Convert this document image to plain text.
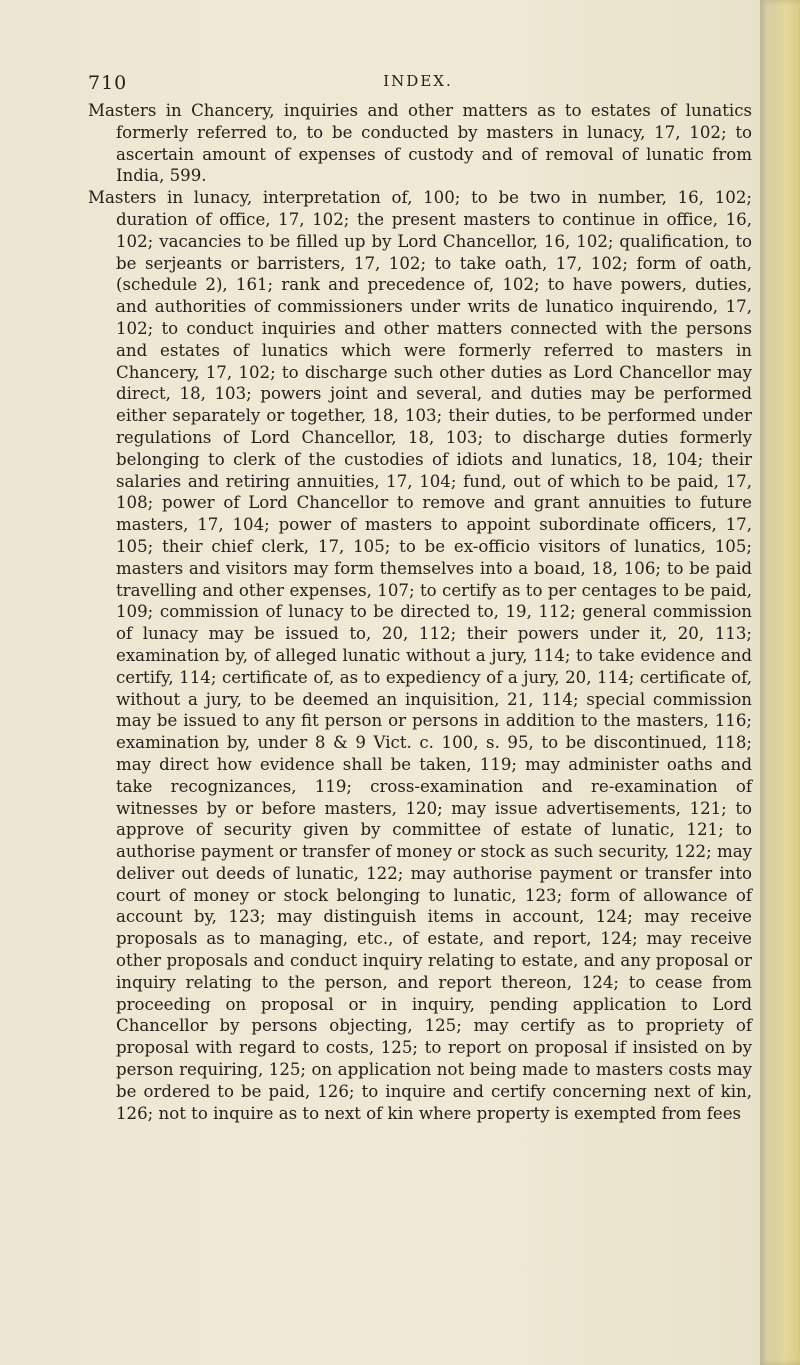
710	INDEX.

Masters in Chancery, inquiries and other matters as to estates of lunatics formerly referred to, to be conducted by masters in lunacy, 17, 102; to ascertain amount of expenses of custody and of removal of lunatic from India, 599.

Masters in lunacy, interpretation of, 100; to be two in number, 16, 102; duration of office, 17, 102; the present masters to continue in office, 16, 102; vacancies to be filled up by Lord Chancellor, 16, 102; qualification, to be serjeants or barristers, 17, 102; to take oath, 17, 102; form of oath, (schedule 2), 161; rank and precedence of, 102; to have powers, duties, and authorities of commissioners under writs de lunatico inquirendo, 17, 102; to conduct inquiries and other matters connected with the persons and estates of lunatics which were formerly referred to masters in Chancery, 17, 102; to discharge such other duties as Lord Chancellor may direct, 18, 103; powers joint and several, and duties may be performed either separately or together, 18, 103; their duties, to be performed under regulations of Lord Chancellor, 18, 103; to discharge duties formerly belonging to clerk of the custodies of idiots and lunatics, 18, 104; their salaries and retiring annuities, 17, 104; fund, out of which to be paid, 17, 108; power of Lord Chancellor to remove and grant annuities to future masters, 17, 104; power of masters to appoint subordinate officers, 17, 105; their chief clerk, 17, 105; to be ex-officio visitors of lunatics, 105; masters and visitors may form themselves into a boaıd, 18, 106; to be paid travelling and other expenses, 107; to certify as to per centages to be paid, 109; commission of lunacy to be directed to, 19, 112; general commission of lunacy may be issued to, 20, 112; their powers under it, 20, 113; examination by, of alleged lunatic without a jury, 114; to take evidence and certify, 114; certificate of, as to expediency of a jury, 20, 114; certificate of, without a jury, to be deemed an inquisition, 21, 114; special commission may be issued to any fit person or persons in addition to the masters, 116; examination by, under 8 & 9 Vict. c. 100, s. 95, to be discontinued, 118; may direct how evidence shall be taken, 119; may administer oaths and take recognizances, 119; cross-examination and re-examination of witnesses by or before masters, 120; may issue advertisements, 121; to approve of security given by committee of estate of lunatic, 121; to authorise payment or transfer of money or stock as such security, 122; may deliver out deeds of lunatic, 122; may authorise payment or transfer into court of money or stock belonging to lunatic, 123; form of allowance of account by, 123; may distinguish items in account, 124; may receive proposals as to managing, etc., of estate, and report, 124; may receive other proposals and conduct inquiry relating to estate, and any proposal or inquiry relating to the person, and report thereon, 124; to cease from proceeding on proposal or in inquiry, pending application to Lord Chancellor by persons objecting, 125; may certify as to propriety of proposal with regard to costs, 125; to report on proposal if insisted on by person requiring, 125; on application not being made to masters costs may be ordered to be paid, 126; to inquire and certify concerning next of kin, 126; not to inquire as to next of kin where property is exempted from fees
